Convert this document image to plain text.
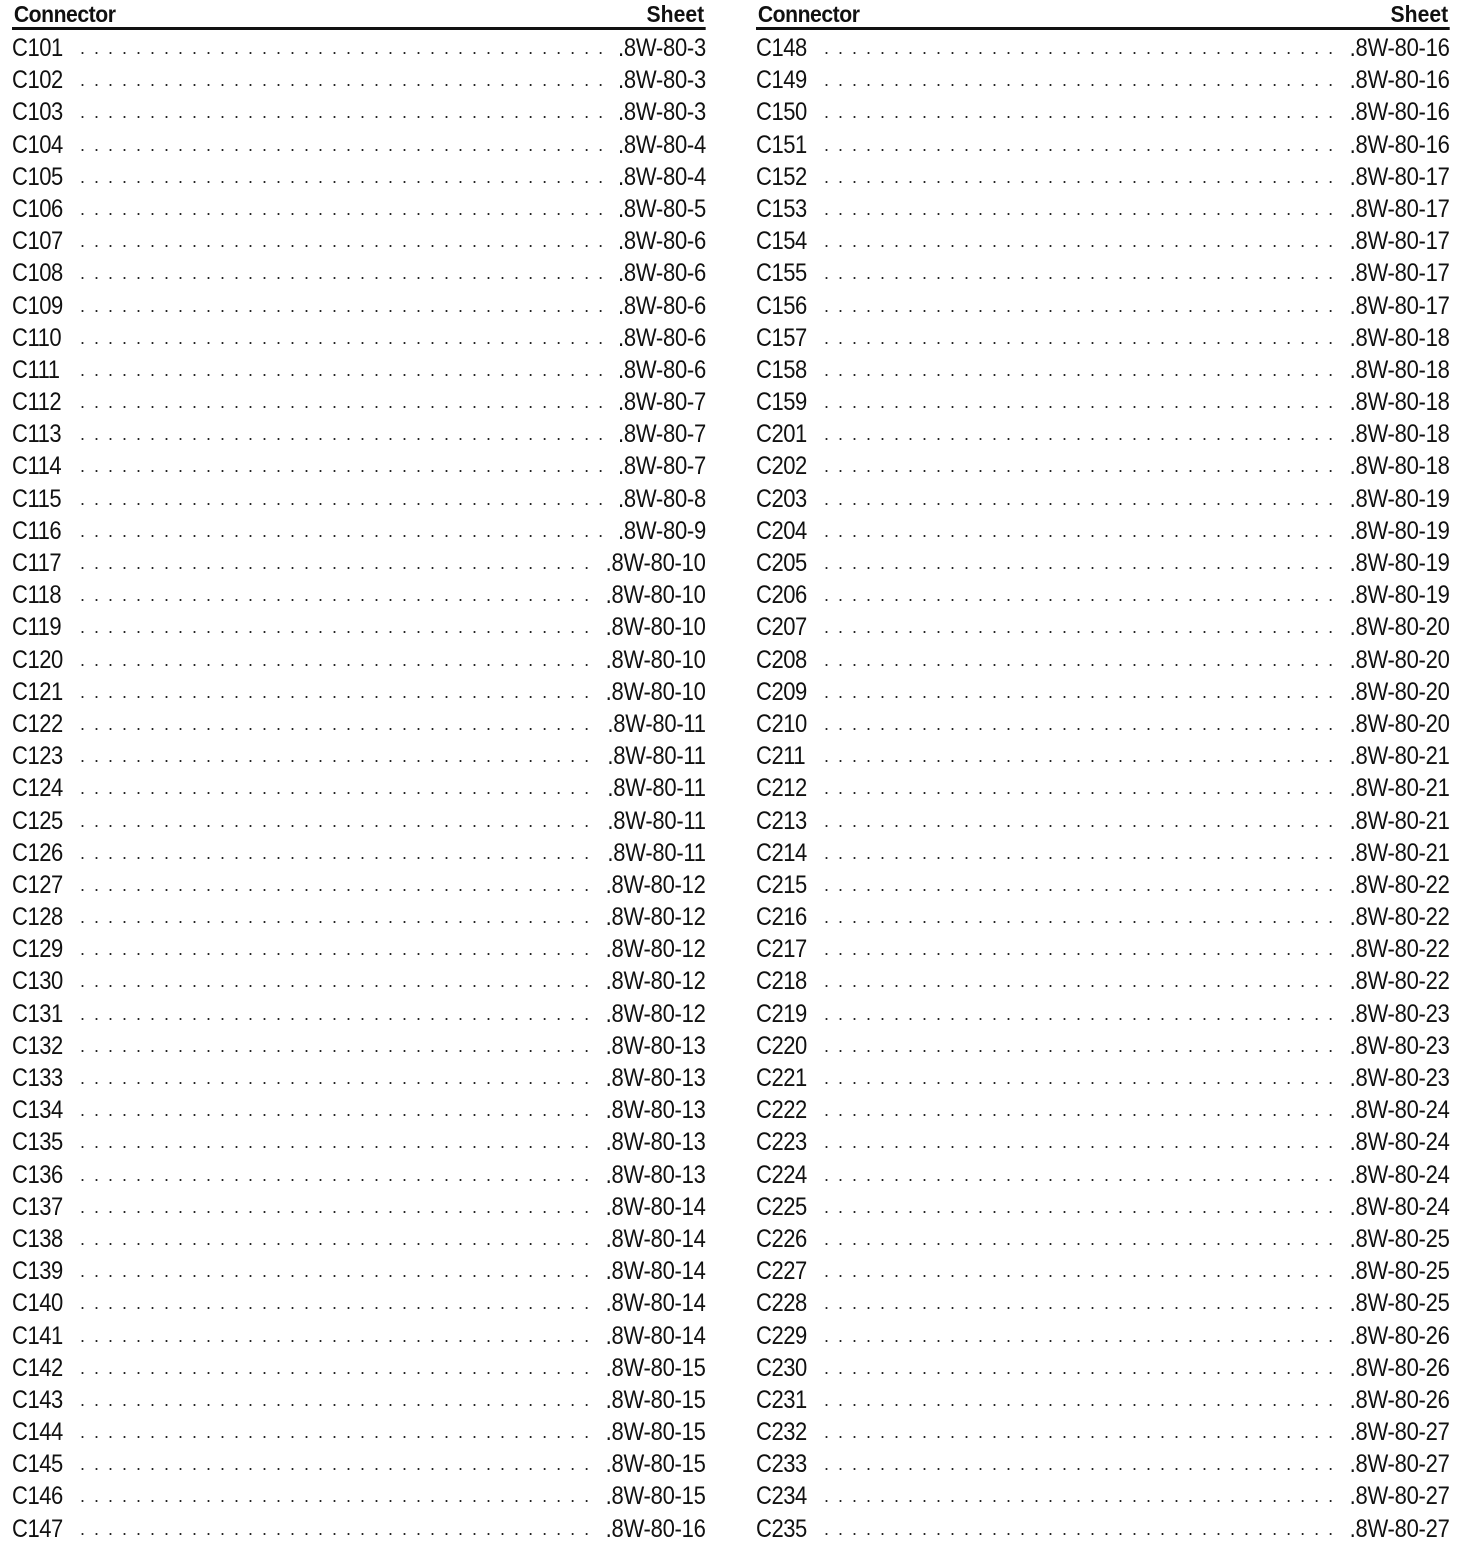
Connector	Sheet
C101 . . .	.8W-80-3
C102 . . .	.8W-80-3
C103 . . .	.8W-80-3
C104 . . .	.8W-80-4
C105 . . .	.8W-80-4
C106 . . .	.8W-80-5
C107 . . .	.8W-80-6
C108 . . .	.8W-80-6
C109 . . .	.8W-80-6
C110 . . .	.8W-80-6
C111 . . .	.8W-80-6
C112 . . .	.8W-80-7
C113 . . .	.8W-80-7
C114 . . .	.8W-80-7
C115 . . .	.8W-80-8
C116 . . .	.8W-80-9
C117 . . .	.8W-80-10
C118 . . .	.8W-80-10
C119 . . .	.8W-80-10
C120 . . .	.8W-80-10
C121 . . .	.8W-80-10
C122 . . .	.8W-80-11
C123 . . .	.8W-80-11
C124 . . .	.8W-80-11
C125 . . .	.8W-80-11
C126 . . .	.8W-80-11
C127 . . .	.8W-80-12
C128 . . .	.8W-80-12
C129 . . .	.8W-80-12
C130 . . .	.8W-80-12
C131 . . .	.8W-80-12
C132 . . .	.8W-80-13
C133 . . .	.8W-80-13
C134 . . .	.8W-80-13
C135 . . .	.8W-80-13
C136 . . .	.8W-80-13
C137 . . .	.8W-80-14
C138 . . .	.8W-80-14
C139 . . .	.8W-80-14
C140 . . .	.8W-80-14
C141 . . .	.8W-80-14
C142 . . .	.8W-80-15
C143 . . .	.8W-80-15
C144 . . .	.8W-80-15
C145 . . .	.8W-80-15
C146 . . .	.8W-80-15
C147 . . .	.8W-80-16
Connector	Sheet
C148 . . .	.8W-80-16
C149 . . .	.8W-80-16
C150 . . .	.8W-80-16
C151 . . .	.8W-80-16
C152 . . .	.8W-80-17
C153 . . .	.8W-80-17
C154 . . .	.8W-80-17
C155 . . .	.8W-80-17
C156 . . .	.8W-80-17
C157 . . .	.8W-80-18
C158 . . .	.8W-80-18
C159 . . .	.8W-80-18
C201 . . .	.8W-80-18
C202 . . .	.8W-80-18
C203 . . .	.8W-80-19
C204 . . .	.8W-80-19
C205 . . .	.8W-80-19
C206 . . .	.8W-80-19
C207 . . .	.8W-80-20
C208 . . .	.8W-80-20
C209 . . .	.8W-80-20
C210 . . .	.8W-80-20
C211 . . .	.8W-80-21
C212 . . .	.8W-80-21
C213 . . .	.8W-80-21
C214 . . .	.8W-80-21
C215 . . .	.8W-80-22
C216 . . .	.8W-80-22
C217 . . .	.8W-80-22
C218 . . .	.8W-80-22
C219 . . .	.8W-80-23
C220 . . .	.8W-80-23
C221 . . .	.8W-80-23
C222 . . .	.8W-80-24
C223 . . .	.8W-80-24
C224 . . .	.8W-80-24
C225 . . .	.8W-80-24
C226 . . .	.8W-80-25
C227 . . .	.8W-80-25
C228 . . .	.8W-80-25
C229 . . .	.8W-80-26
C230 . . .	.8W-80-26
C231 . . .	.8W-80-26
C232 . . .	.8W-80-27
C233 . . .	.8W-80-27
C234 . . .	.8W-80-27
C235 . . .	.8W-80-27
